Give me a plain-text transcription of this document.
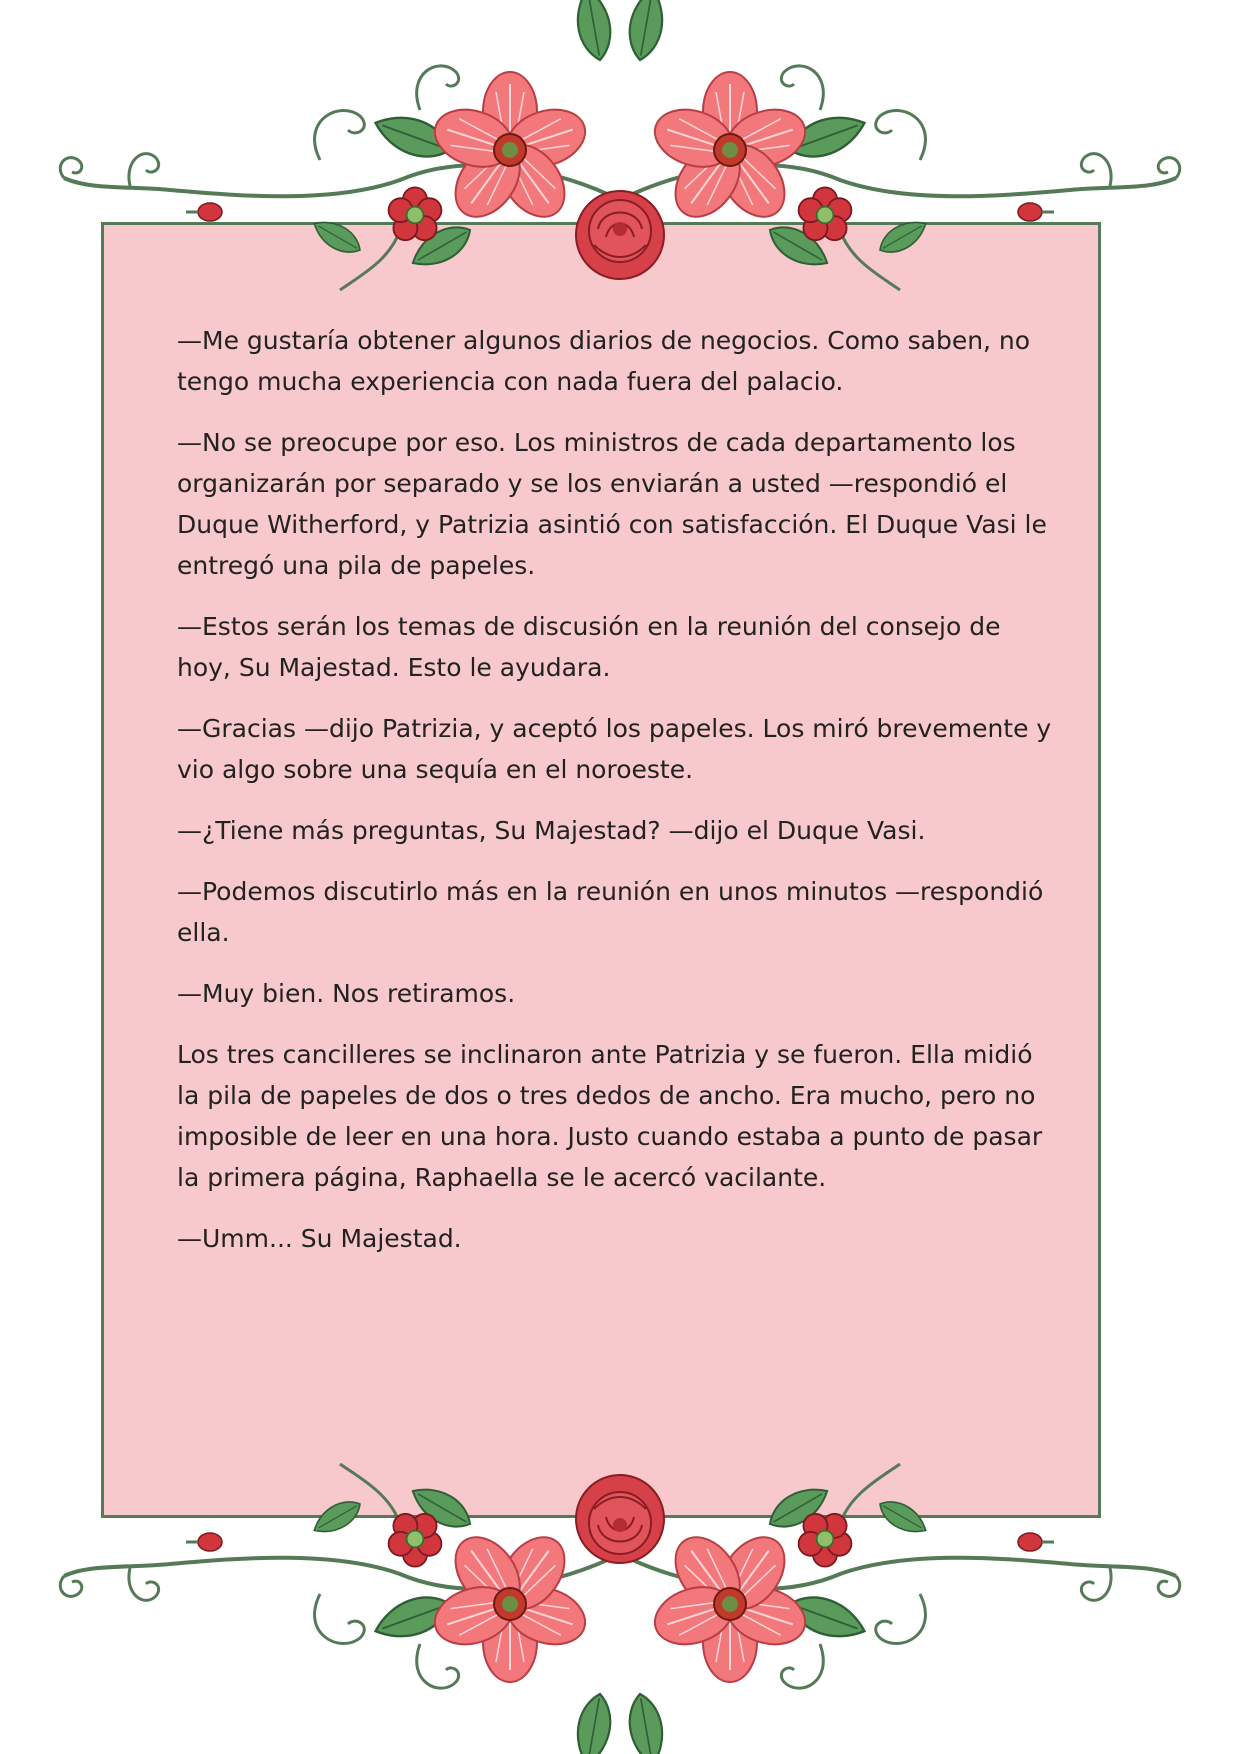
—Me gustaría obtener algunos diarios de negocios. Como saben, no tengo mucha experiencia con nada fuera del palacio.

—No se preocupe por eso. Los ministros de cada departamento los organizarán por separado y se los enviarán a usted —respondió el Duque Witherford, y Patrizia asintió con satisfacción. El Duque Vasi le entregó una pila de papeles.

—Estos serán los temas de discusión en la reunión del consejo de hoy, Su Majestad. Esto le ayudara.

—Gracias —dijo Patrizia, y aceptó los papeles. Los miró brevemente y vio algo sobre una sequía en el noroeste.

—¿Tiene más preguntas, Su Majestad? —dijo el Duque Vasi.

—Podemos discutirlo más en la reunión en unos minutos —respondió ella.

—Muy bien. Nos retiramos.

Los tres cancilleres se inclinaron ante Patrizia y se fueron. Ella midió la pila de papeles de dos o tres dedos de ancho. Era mucho, pero no imposible de leer en una hora. Justo cuando estaba a punto de pasar la primera página, Raphaella se le acercó vacilante.

—Umm... Su Majestad.
